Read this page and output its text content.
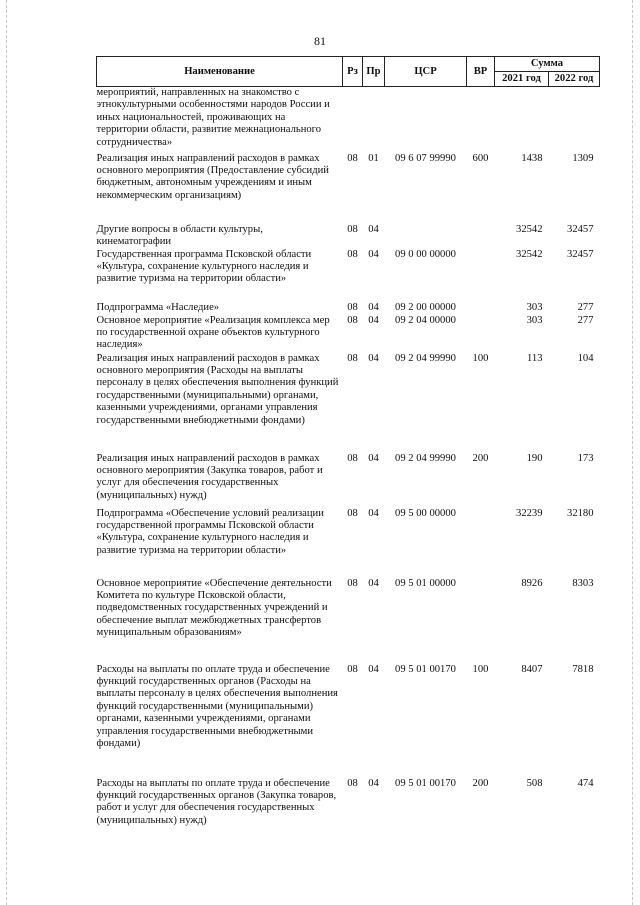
81
Наименование	Рз	Пр	ЦСР	ВР	Сумма	
					2021 год	2022 год
мероприятий, направленных на знакомство с этнокультурными особенностями народов России и иных национальностей, проживающих на территории области, развитие межнационального сотрудничества»						
Реализация иных направлений расходов в рамках основного мероприятия (Предоставление субсидий бюджетным, автономным учреждениям и иным некоммерческим организациям)	08	01	09 6 07 99990	600	1438	1309
Другие вопросы в области культуры, кинематографии	08	04			32542	32457
Государственная программа Псковской области «Культура, сохранение культурного наследия и развитие туризма на территории области»	08	04	09 0 00 00000		32542	32457
Подпрограмма «Наследие»	08	04	09 2 00 00000		303	277
Основное мероприятие «Реализация комплекса мер по государственной охране объектов культурного наследия»	08	04	09 2 04 00000		303	277
Реализация иных направлений расходов в рамках основного мероприятия (Расходы на выплаты персоналу в целях обеспечения выполнения функций государственными (муниципальными) органами, казенными учреждениями, органами управления государственными внебюджетными фондами)	08	04	09 2 04 99990	100	113	104
Реализация иных направлений расходов в рамках основного мероприятия (Закупка товаров, работ и услуг для обеспечения государственных (муниципальных) нужд)	08	04	09 2 04 99990	200	190	173
Подпрограмма «Обеспечение условий реализации государственной программы Псковской области «Культура, сохранение культурного наследия и развитие туризма на территории области»	08	04	09 5 00 00000		32239	32180
Основное мероприятие «Обеспечение деятельности Комитета по культуре Псковской области, подведомственных государственных учреждений и обеспечение выплат межбюджетных трансфертов муниципальным образованиям»	08	04	09 5 01 00000		8926	8303
Расходы на выплаты по оплате труда и обеспечение функций государственных органов (Расходы на выплаты персоналу в целях обеспечения выполнения функций государственными (муниципальными) органами, казенными учреждениями, органами управления государственными внебюджетными фондами)	08	04	09 5 01 00170	100	8407	7818
Расходы на выплаты по оплате труда и обеспечение функций государственных органов (Закупка товаров, работ и услуг для обеспечения государственных (муниципальных) нужд)	08	04	09 5 01 00170	200	508	474
